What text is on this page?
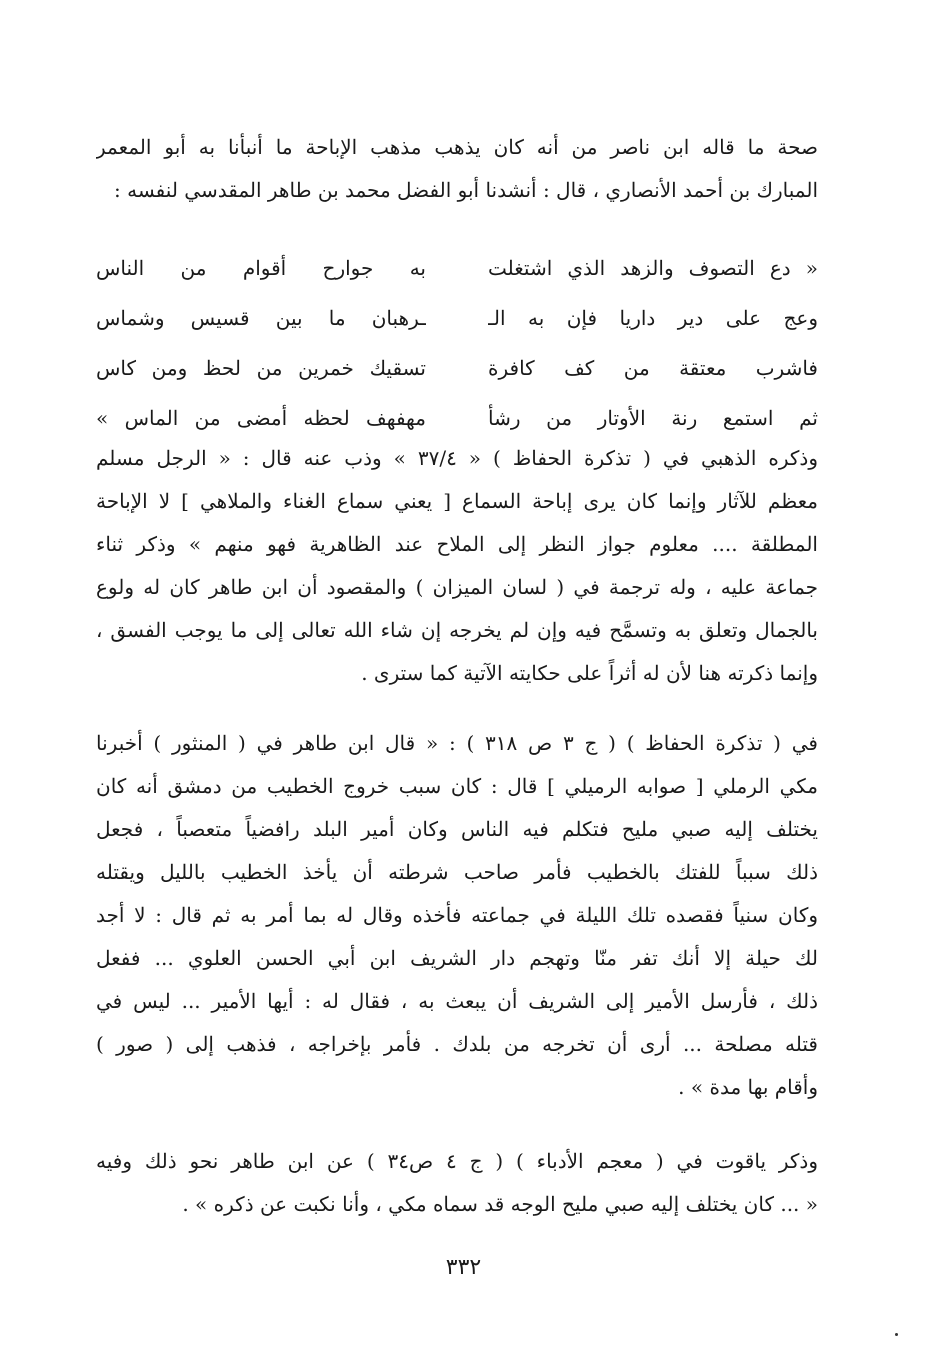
صحة ما قاله ابن ناصر من أنه كان يذهب مذهب الإباحة ما أنبأنا به أبو المعمر
المبارك بن أحمد الأنصاري ، قال : أنشدنا أبو الفضل محمد بن طاهر المقدسي لنفسه :
« دع التصوف والزهد الذي اشتغلت
به جوارح أقوام من الناس
وعج على دير داريا فإن به الـ
ـرهبان ما بين قسيس وشماس
فاشرب معتقة من كف كافرة
تسقيك خمرين من لحظ ومن كاس
ثم استمع رنة الأوتار من رشأ
مهفهف لحظه أمضى من الماس »
وذكره الذهبي في ( تذكرة الحفاظ ) « ٣٧/٤ » وذب عنه قال : « الرجل مسلم
معظم للآثار وإنما كان يرى إباحة السماع [ يعني سماع الغناء والملاهي ] لا الإباحة
المطلقة .... معلوم جواز النظر إلى الملاح عند الظاهرية فهو منهم » وذكر ثناء
جماعة عليه ، وله ترجمة في ( لسان الميزان ) والمقصود أن ابن طاهر كان له ولوع
بالجمال وتعلق به وتسمَّح فيه وإن لم يخرجه إن شاء الله تعالى إلى ما يوجب الفسق ،
وإنما ذكرته هنا لأن له أثراً على حكايته الآتية كما سترى .
في ( تذكرة الحفاظ ) ( ج ٣ ص ٣١٨ ) : « قال ابن طاهر في ( المنثور ) أخبرنا
مكي الرملي [ صوابه الرميلي ] قال : كان سبب خروج الخطيب من دمشق أنه كان
يختلف إليه صبي مليح فتكلم فيه الناس وكان أمير البلد رافضياً متعصباً ، فجعل
ذلك سبباً للفتك بالخطيب فأمر صاحب شرطته أن يأخذ الخطيب بالليل ويقتله
وكان سنياً فقصده تلك الليلة في جماعته فأخذه وقال له بما أمر به ثم قال : لا أجد
لك حيلة إلا أنك تفر منّا وتهجم دار الشريف ابن أبي الحسن العلوي ... ففعل
ذلك ، فأرسل الأمير إلى الشريف أن يبعث به ، فقال له : أيها الأمير ... ليس في
قتله مصلحة ... أرى أن تخرجه من بلدك . فأمر بإخراجه ، فذهب إلى ( صور )
وأقام بها مدة » .
وذكر ياقوت في ( معجم الأدباء ) ( ج ٤ ص٣٤ ) عن ابن طاهر نحو ذلك وفيه
« ... كان يختلف إليه صبي مليح الوجه قد سماه مكي ، وأنا نكبت عن ذكره » .
٣٣٢
